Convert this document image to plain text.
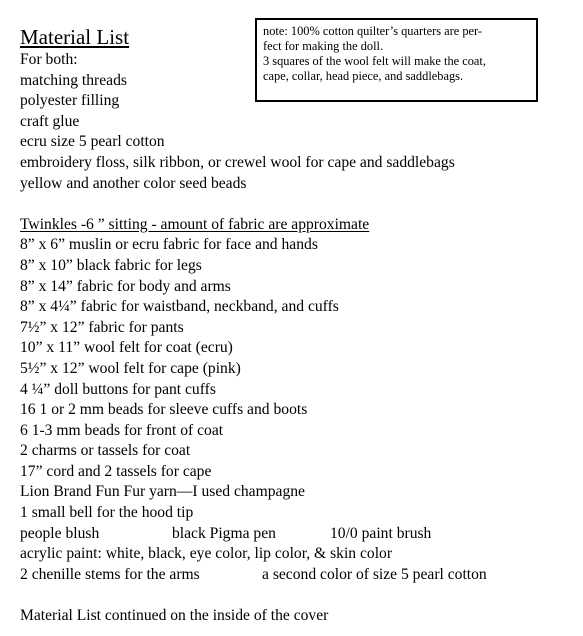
Material List	note: 100% cotton quilter’s quarters are per-
fect for making the doll.
3 squares of the wool felt will make the coat,
cape, collar, head piece, and saddlebags.
For both:
matching threads
polyester filling
craft glue
ecru size 5 pearl cotton
embroidery floss, silk ribbon, or crewel wool for cape and saddlebags
yellow and another color seed beads
Twinkles -6 ” sitting - amount of fabric are approximate
8” x 6” muslin or ecru fabric for face and hands
8” x 10” black fabric for legs
8” x 14” fabric for body and arms
8” x 4¼” fabric for waistband, neckband, and cuffs
7½” x 12” fabric for pants
10” x 11” wool felt for coat (ecru)
5½” x 12” wool felt for cape (pink)
4 ¼” doll buttons for pant cuffs
16 1 or 2 mm beads for sleeve cuffs and boots
6 1-3 mm beads for front of coat
2 charms or tassels for coat
17” cord and 2 tassels for cape
Lion Brand Fun Fur yarn—I used champagne
1 small bell for the hood tip
people blush	black Pigma pen	10/0 paint brush
acrylic paint: white, black, eye color, lip color, & skin color
2 chenille stems for the arms	a second color of size 5 pearl cotton
Material List continued on the inside of the cover
